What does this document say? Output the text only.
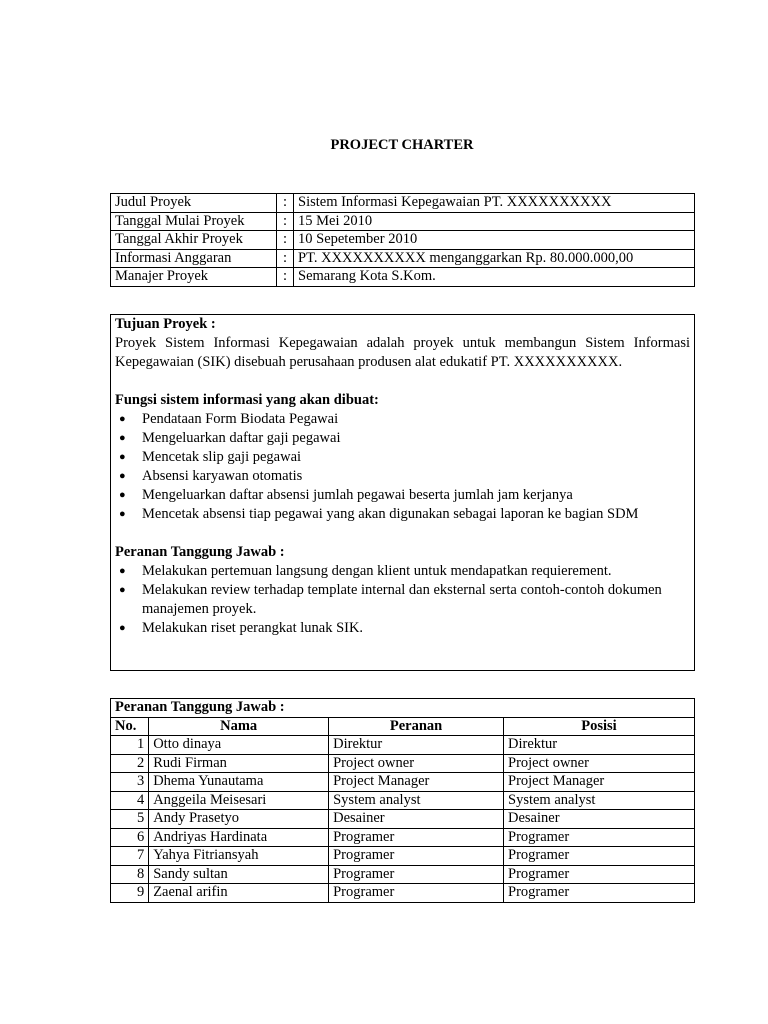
PROJECT CHARTER
Judul Proyek	:	Sistem Informasi Kepegawaian PT. XXXXXXXXXX
Tanggal Mulai Proyek	:	15 Mei 2010
Tanggal Akhir Proyek	:	10 Sepetember 2010
Informasi Anggaran	:	PT. XXXXXXXXXX menganggarkan Rp. 80.000.000,00
Manajer Proyek	:	Semarang Kota S.Kom.
Tujuan Proyek :

Proyek Sistem Informasi Kepegawaian adalah proyek untuk membangun Sistem Informasi Kepegawaian (SIK) disebuah perusahaan produsen alat edukatif PT. XXXXXXXXXX.

Fungsi sistem informasi yang akan dibuat:
● Pendataan Form Biodata Pegawai
● Mengeluarkan daftar gaji pegawai
● Mencetak slip gaji pegawai
● Absensi karyawan otomatis
● Mengeluarkan daftar absensi jumlah pegawai beserta jumlah jam kerjanya
● Mencetak absensi tiap pegawai yang akan digunakan sebagai laporan ke bagian SDM
Peranan Tanggung Jawab :
● Melakukan pertemuan langsung dengan klient untuk mendapatkan requierement.
● Melakukan review terhadap template internal dan eksternal serta contoh-contoh dokumen manajemen proyek.
● Melakukan riset perangkat lunak SIK.
Peranan Tanggung Jawab :			
No.	Nama	Peranan	Posisi
1	Otto dinaya	Direktur	Direktur
2	Rudi Firman	Project owner	Project owner
3	Dhema Yunautama	Project Manager	Project Manager
4	Anggeila Meisesari	System analyst	System analyst
5	Andy Prasetyo	Desainer	Desainer
6	Andriyas Hardinata	Programer	Programer
7	Yahya Fitriansyah	Programer	Programer
8	Sandy sultan	Programer	Programer
9	Zaenal arifin	Programer	Programer
